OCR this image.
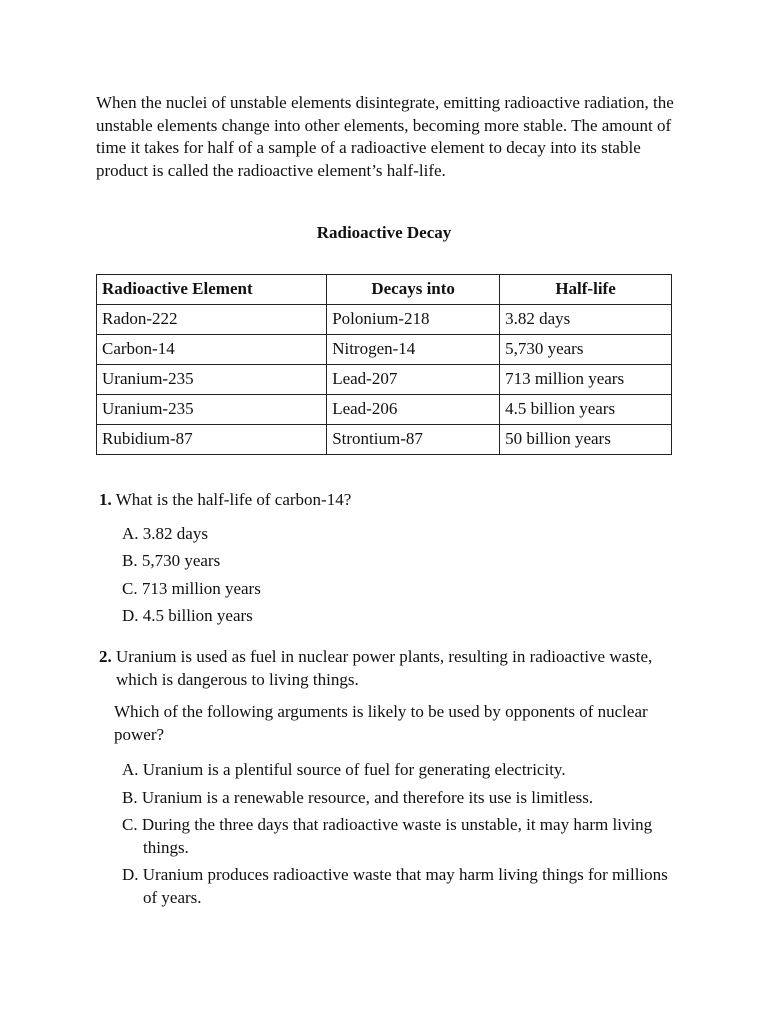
When the nuclei of unstable elements disintegrate, emitting radioactive radiation, the unstable elements change into other elements, becoming more stable. The amount of time it takes for half of a sample of a radioactive element to decay into its stable product is called the radioactive element’s half-life.

Radioactive Decay

Radioactive Element	Decays into	Half-life
Radon-222	Polonium-218	3.82 days
Carbon-14	Nitrogen-14	5,730 years
Uranium-235	Lead-207	713 million years
Uranium-235	Lead-206	4.5 billion years
Rubidium-87	Strontium-87	50 billion years

1. What is the half-life of carbon-14?

A. 3.82 days
B. 5,730 years
C. 713 million years
D. 4.5 billion years

2. Uranium is used as fuel in nuclear power plants, resulting in radioactive waste, which is dangerous to living things.

Which of the following arguments is likely to be used by opponents of nuclear power?

A. Uranium is a plentiful source of fuel for generating electricity.
B. Uranium is a renewable resource, and therefore its use is limitless.
C. During the three days that radioactive waste is unstable, it may harm living things.
D. Uranium produces radioactive waste that may harm living things for millions of years.
